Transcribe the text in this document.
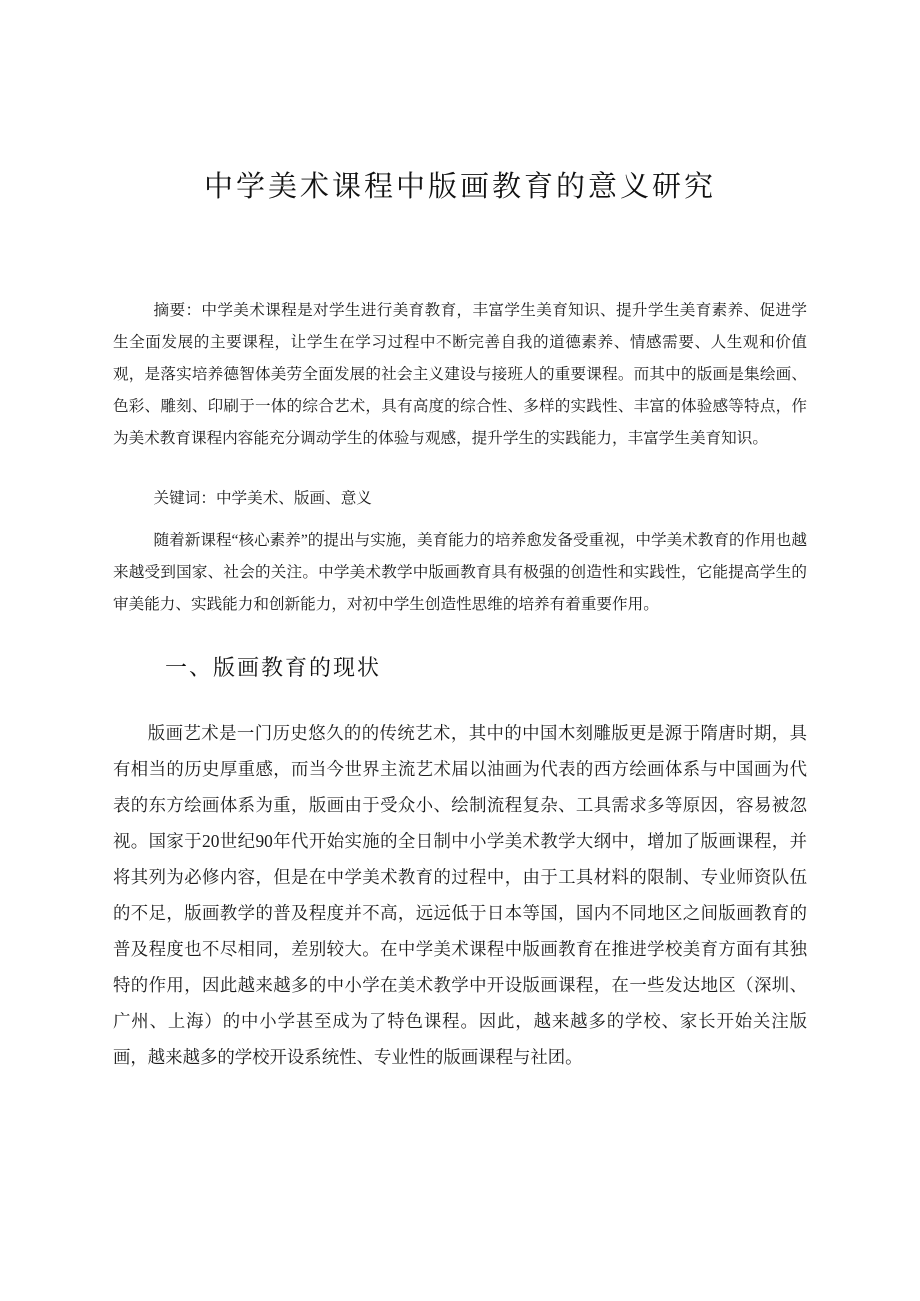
中学美术课程中版画教育的意义研究

摘要：中学美术课程是对学生进行美育教育，丰富学生美育知识、提升学生美育素养、促进学生全面发展的主要课程，让学生在学习过程中不断完善自我的道德素养、情感需要、人生观和价值观，是落实培养德智体美劳全面发展的社会主义建设与接班人的重要课程。而其中的版画是集绘画、色彩、雕刻、印刷于一体的综合艺术，具有高度的综合性、多样的实践性、丰富的体验感等特点，作为美术教育课程内容能充分调动学生的体验与观感，提升学生的实践能力，丰富学生美育知识。

关键词：中学美术、版画、意义

随着新课程“核心素养”的提出与实施，美育能力的培养愈发备受重视，中学美术教育的作用也越来越受到国家、社会的关注。中学美术教学中版画教育具有极强的创造性和实践性，它能提高学生的审美能力、实践能力和创新能力，对初中学生创造性思维的培养有着重要作用。

一、版画教育的现状

版画艺术是一门历史悠久的的传统艺术，其中的中国木刻雕版更是源于隋唐时期，具有相当的历史厚重感，而当今世界主流艺术届以油画为代表的西方绘画体系与中国画为代表的东方绘画体系为重，版画由于受众小、绘制流程复杂、工具需求多等原因，容易被忽视。国家于20世纪90年代开始实施的全日制中小学美术教学大纲中，增加了版画课程，并将其列为必修内容，但是在中学美术教育的过程中，由于工具材料的限制、专业师资队伍的不足，版画教学的普及程度并不高，远远低于日本等国，国内不同地区之间版画教育的普及程度也不尽相同，差别较大。在中学美术课程中版画教育在推进学校美育方面有其独特的作用，因此越来越多的中小学在美术教学中开设版画课程，在一些发达地区（深圳、广州、上海）的中小学甚至成为了特色课程。因此，越来越多的学校、家长开始关注版画，越来越多的学校开设系统性、专业性的版画课程与社团。
